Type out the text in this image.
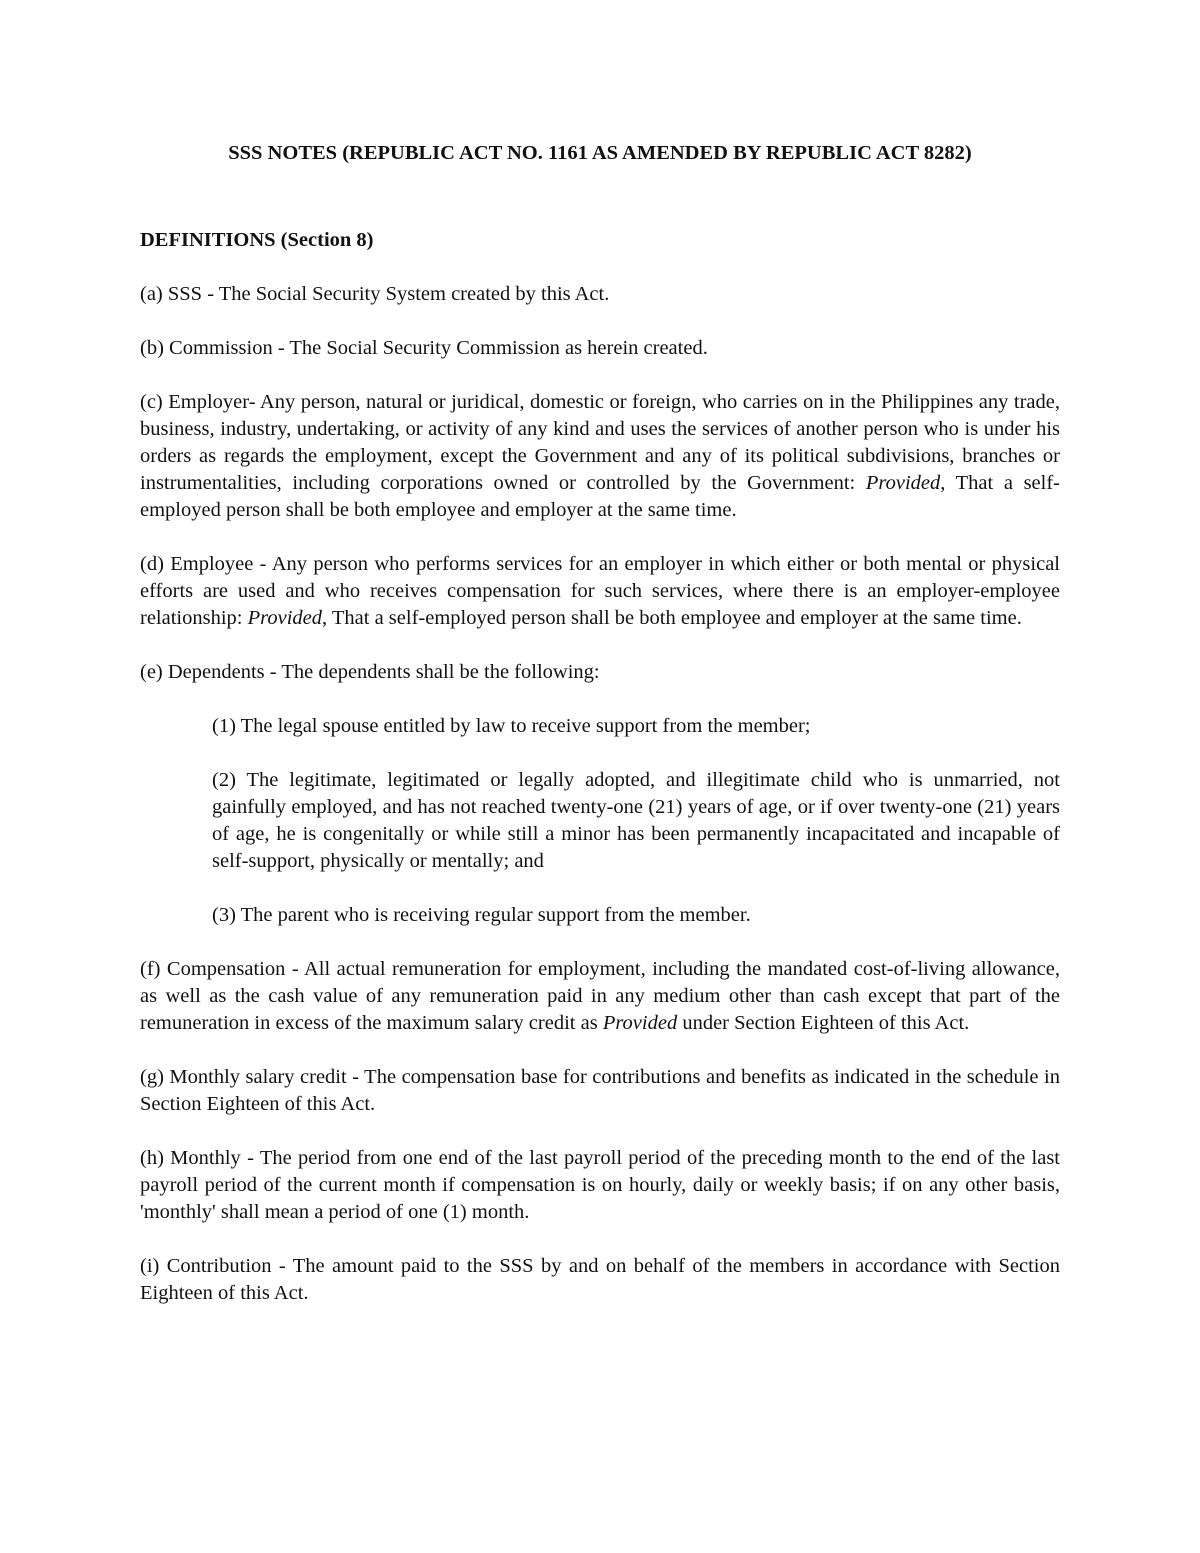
SSS NOTES (REPUBLIC ACT NO. 1161 AS AMENDED BY REPUBLIC ACT 8282)

DEFINITIONS (Section 8)

(a) SSS - The Social Security System created by this Act.

(b) Commission - The Social Security Commission as herein created.

(c) Employer- Any person, natural or juridical, domestic or foreign, who carries on in the Philippines any trade, business, industry, undertaking, or activity of any kind and uses the services of another person who is under his orders as regards the employment, except the Government and any of its political subdivisions, branches or instrumentalities, including corporations owned or controlled by the Government: Provided, That a self-employed person shall be both employee and employer at the same time.

(d) Employee - Any person who performs services for an employer in which either or both mental or physical efforts are used and who receives compensation for such services, where there is an employer-employee relationship: Provided, That a self-employed person shall be both employee and employer at the same time.

(e) Dependents - The dependents shall be the following:

(1) The legal spouse entitled by law to receive support from the member;

(2) The legitimate, legitimated or legally adopted, and illegitimate child who is unmarried, not gainfully employed, and has not reached twenty-one (21) years of age, or if over twenty-one (21) years of age, he is congenitally or while still a minor has been permanently incapacitated and incapable of self-support, physically or mentally; and

(3) The parent who is receiving regular support from the member.

(f) Compensation - All actual remuneration for employment, including the mandated cost-of-living allowance, as well as the cash value of any remuneration paid in any medium other than cash except that part of the remuneration in excess of the maximum salary credit as Provided under Section Eighteen of this Act.

(g) Monthly salary credit - The compensation base for contributions and benefits as indicated in the schedule in Section Eighteen of this Act.

(h) Monthly - The period from one end of the last payroll period of the preceding month to the end of the last payroll period of the current month if compensation is on hourly, daily or weekly basis; if on any other basis, 'monthly' shall mean a period of one (1) month.

(i) Contribution - The amount paid to the SSS by and on behalf of the members in accordance with Section Eighteen of this Act.
